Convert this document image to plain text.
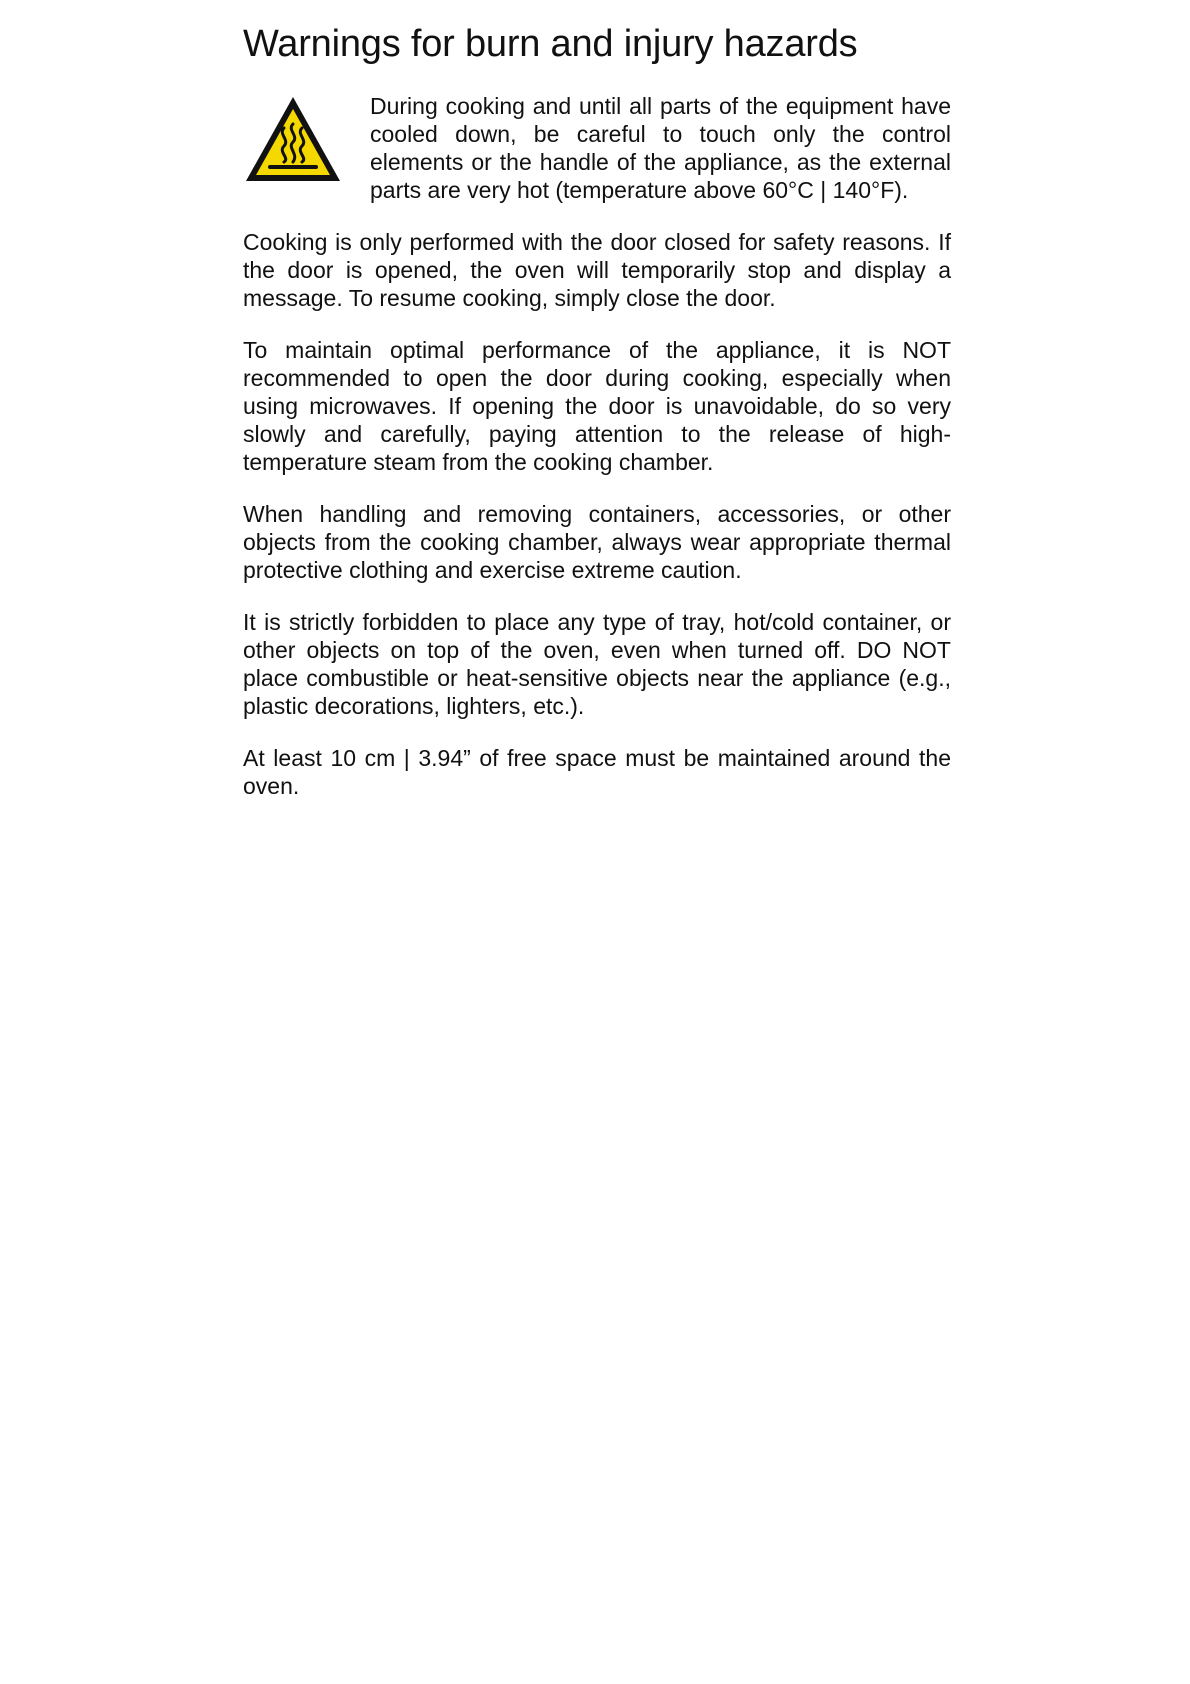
Warnings for burn and injury hazards

During cooking and until all parts of the equipment have cooled down, be careful to touch only the control elements or the handle of the appliance, as the external parts are very hot (temperature above 60°C | 140°F).

Cooking is only performed with the door closed for safety reasons. If the door is opened, the oven will temporarily stop and display a message. To resume cooking, simply close the door.

To maintain optimal performance of the appliance, it is NOT recommended to open the door during cooking, especially when using microwaves. If opening the door is unavoidable, do so very slowly and carefully, paying attention to the release of high-temperature steam from the cooking chamber.

When handling and removing containers, accessories, or other objects from the cooking chamber, always wear appropriate thermal protective clothing and exercise extreme caution.

It is strictly forbidden to place any type of tray, hot/cold container, or other objects on top of the oven, even when turned off. DO NOT place combustible or heat-sensitive objects near the appliance (e.g., plastic decorations, lighters, etc.).

At least 10 cm | 3.94” of free space must be maintained around the oven.
